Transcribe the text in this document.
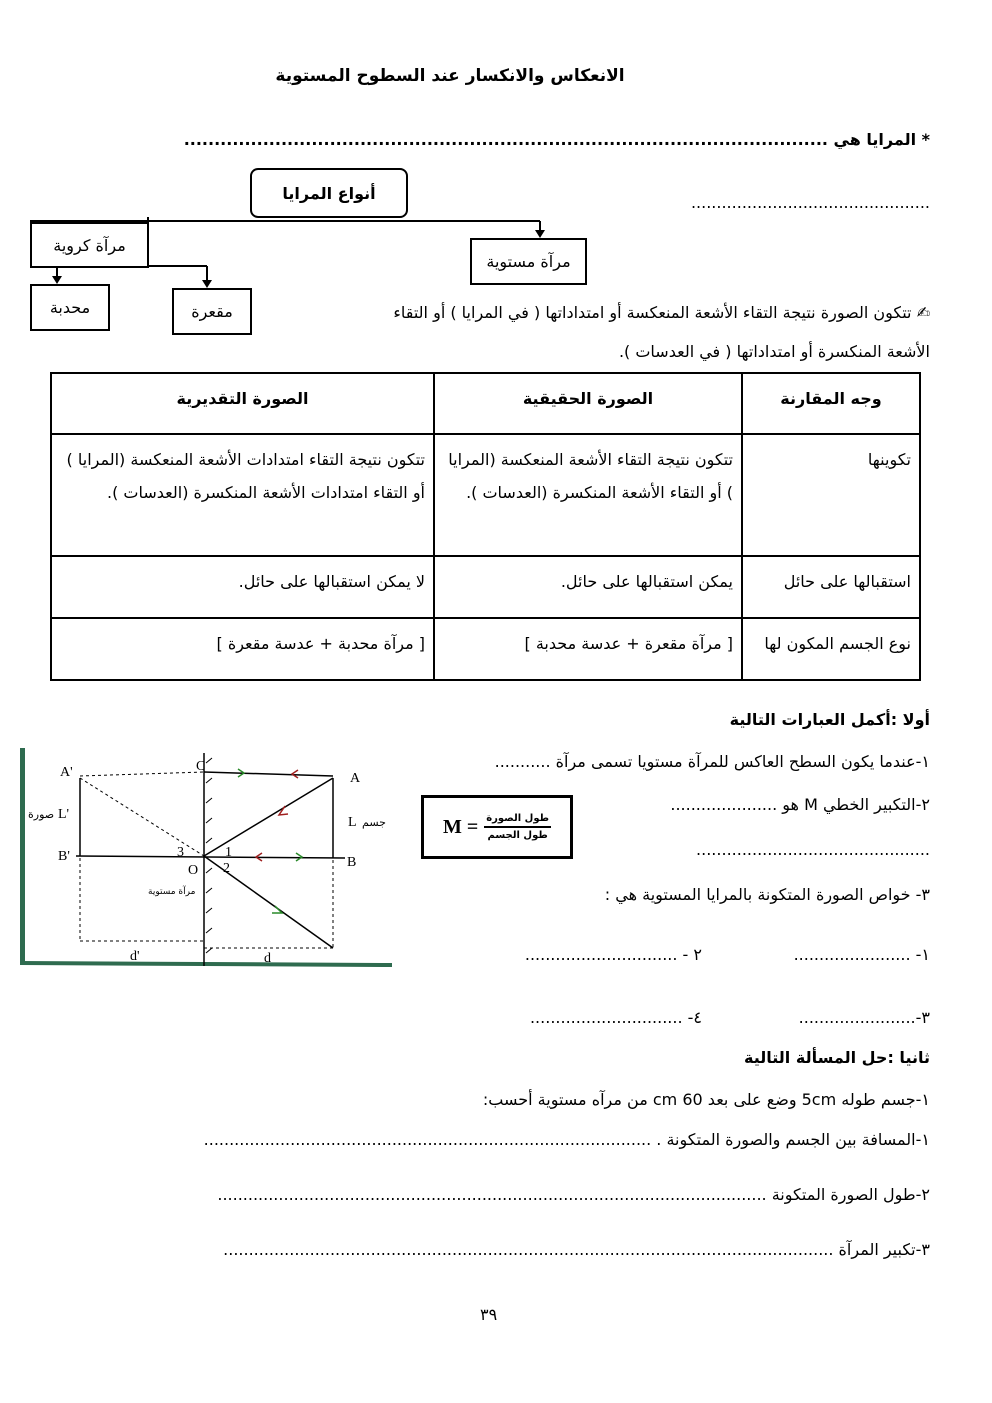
الانعكاس والانكسار عند السطوح المستوية
* المرايا هي ..........................................................................................................
...............................................
أنواع المرايا
مرآة مستوية
مرآة كروية
محدبة	مقعرة	✍ تتكون الصورة نتيجة التقاء الأشعة المنعكسة أو امتداداتها ( في المرايا ) أو التقاء
الأشعة المنكسرة أو امتداداتها ( في العدسات ).
وجه المقارنة	الصورة الحقيقية	الصورة التقديرية
تكوينها	تتكون نتيجة التقاء الأشعة المنعكسة (المرايا ) أو التقاء الأشعة المنكسرة (العدسات ).	تتكون نتيجة التقاء امتدادات الأشعة المنعكسة (المرايا ) أو التقاء امتدادات الأشعة المنكسرة (العدسات ).
استقبالها على حائل	يمكن استقبالها على حائل.	لا يمكن استقبالها على حائل.
نوع الجسم المكون لها	[ مرآة مقعرة + عدسة محدبة ]	[ مرآة محدبة + عدسة مقعرة ]
أولا :أكمل العبارات التالية
١-عندما يكون السطح العاكس للمرآة مستويا تسمى مرآة ...........
٢-التكبير الخطي M هو .....................
..............................................
M = طول الصورة
طول الجسم
٣- خواص الصورة المتكونة بالمرايا المستوية هي :
١- .......................
٢ - ..............................
٣-.......................
٤- ..............................
A'	C
A
L'
صورة
L جسم
B'	B
O
1
2
3
مرآة مستوية
d'	d
ثانيا :حل المسألة التالية
١-جسم طوله 5cm وضع على بعد 60 cm من مرآه مستوية أحسب:
١-المسافة بين الجسم والصورة المتكونة . ........................................................................................
٢-طول الصورة المتكونة ............................................................................................................
٣-تكبير المرآة ........................................................................................................................
٣٩
